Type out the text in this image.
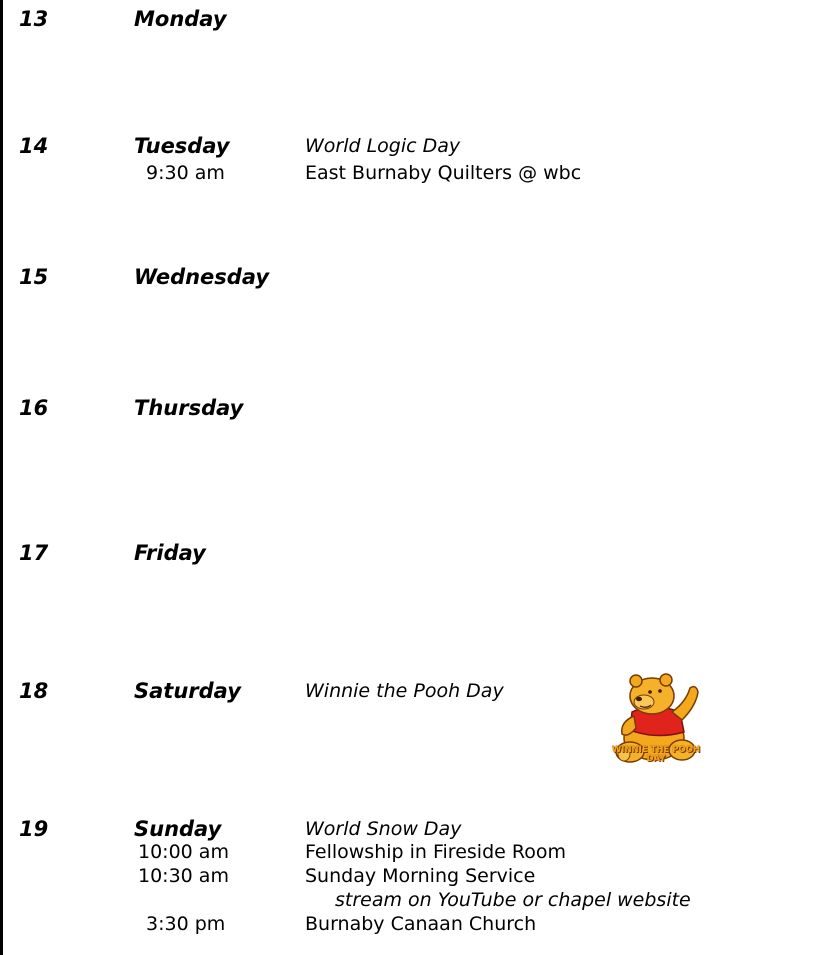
13	Monday
14	Tuesday	World Logic Day
9:30 am	East Burnaby Quilters @ wbc
15	Wednesday
16	Thursday
17	Friday
18	Saturday	Winnie the Pooh Day
WINNIE THE POOH DAY
19	Sunday	World Snow Day
10:00 am	Fellowship in Fireside Room
10:30 am	Sunday Morning Service
stream on YouTube or chapel website
3:30 pm	Burnaby Canaan Church
